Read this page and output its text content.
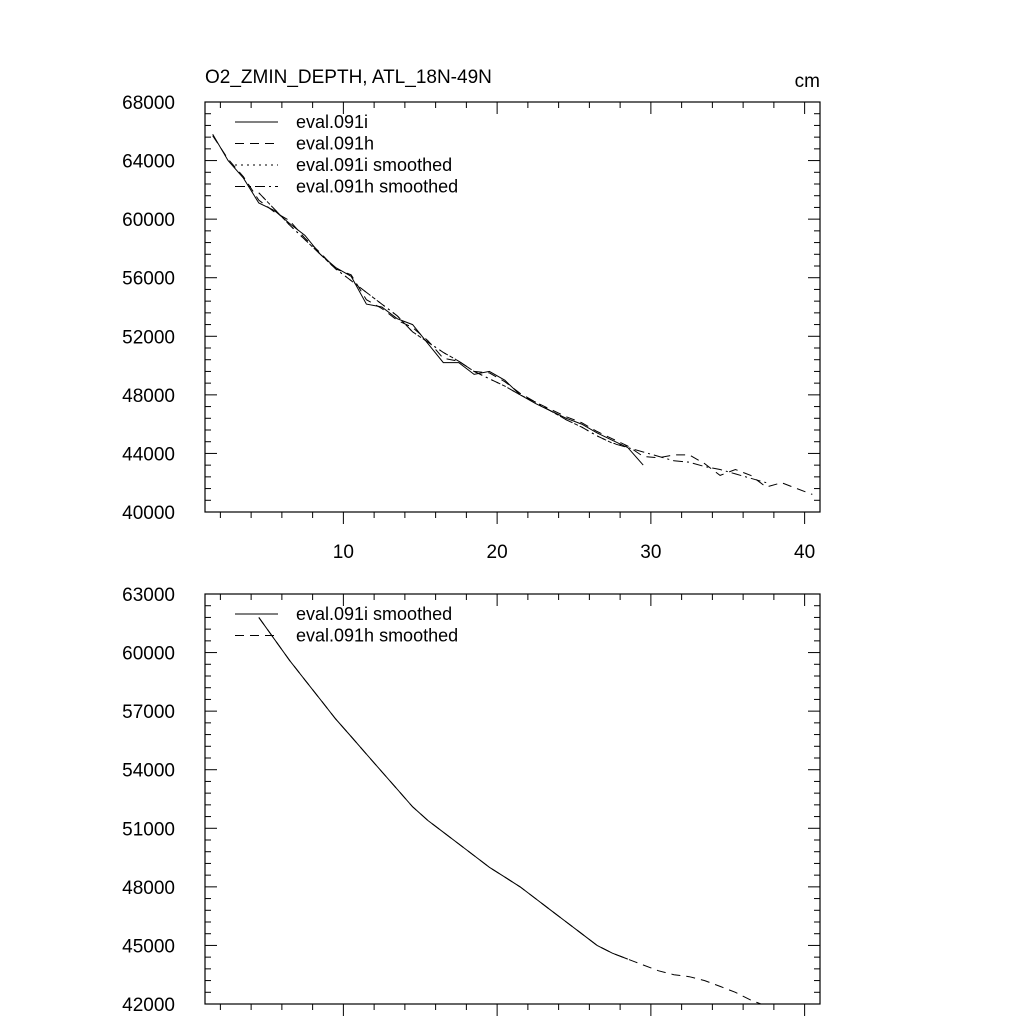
O2_ZMIN_DEPTH, ATL_18N-49N	cm
40000
44000
48000
52000
56000
60000
64000
68000
10	20	30	40
eval.091i
eval.091h
eval.091i smoothed
eval.091h smoothed
42000
45000
48000
51000
54000
57000
60000
63000
eval.091i smoothed
eval.091h smoothed
